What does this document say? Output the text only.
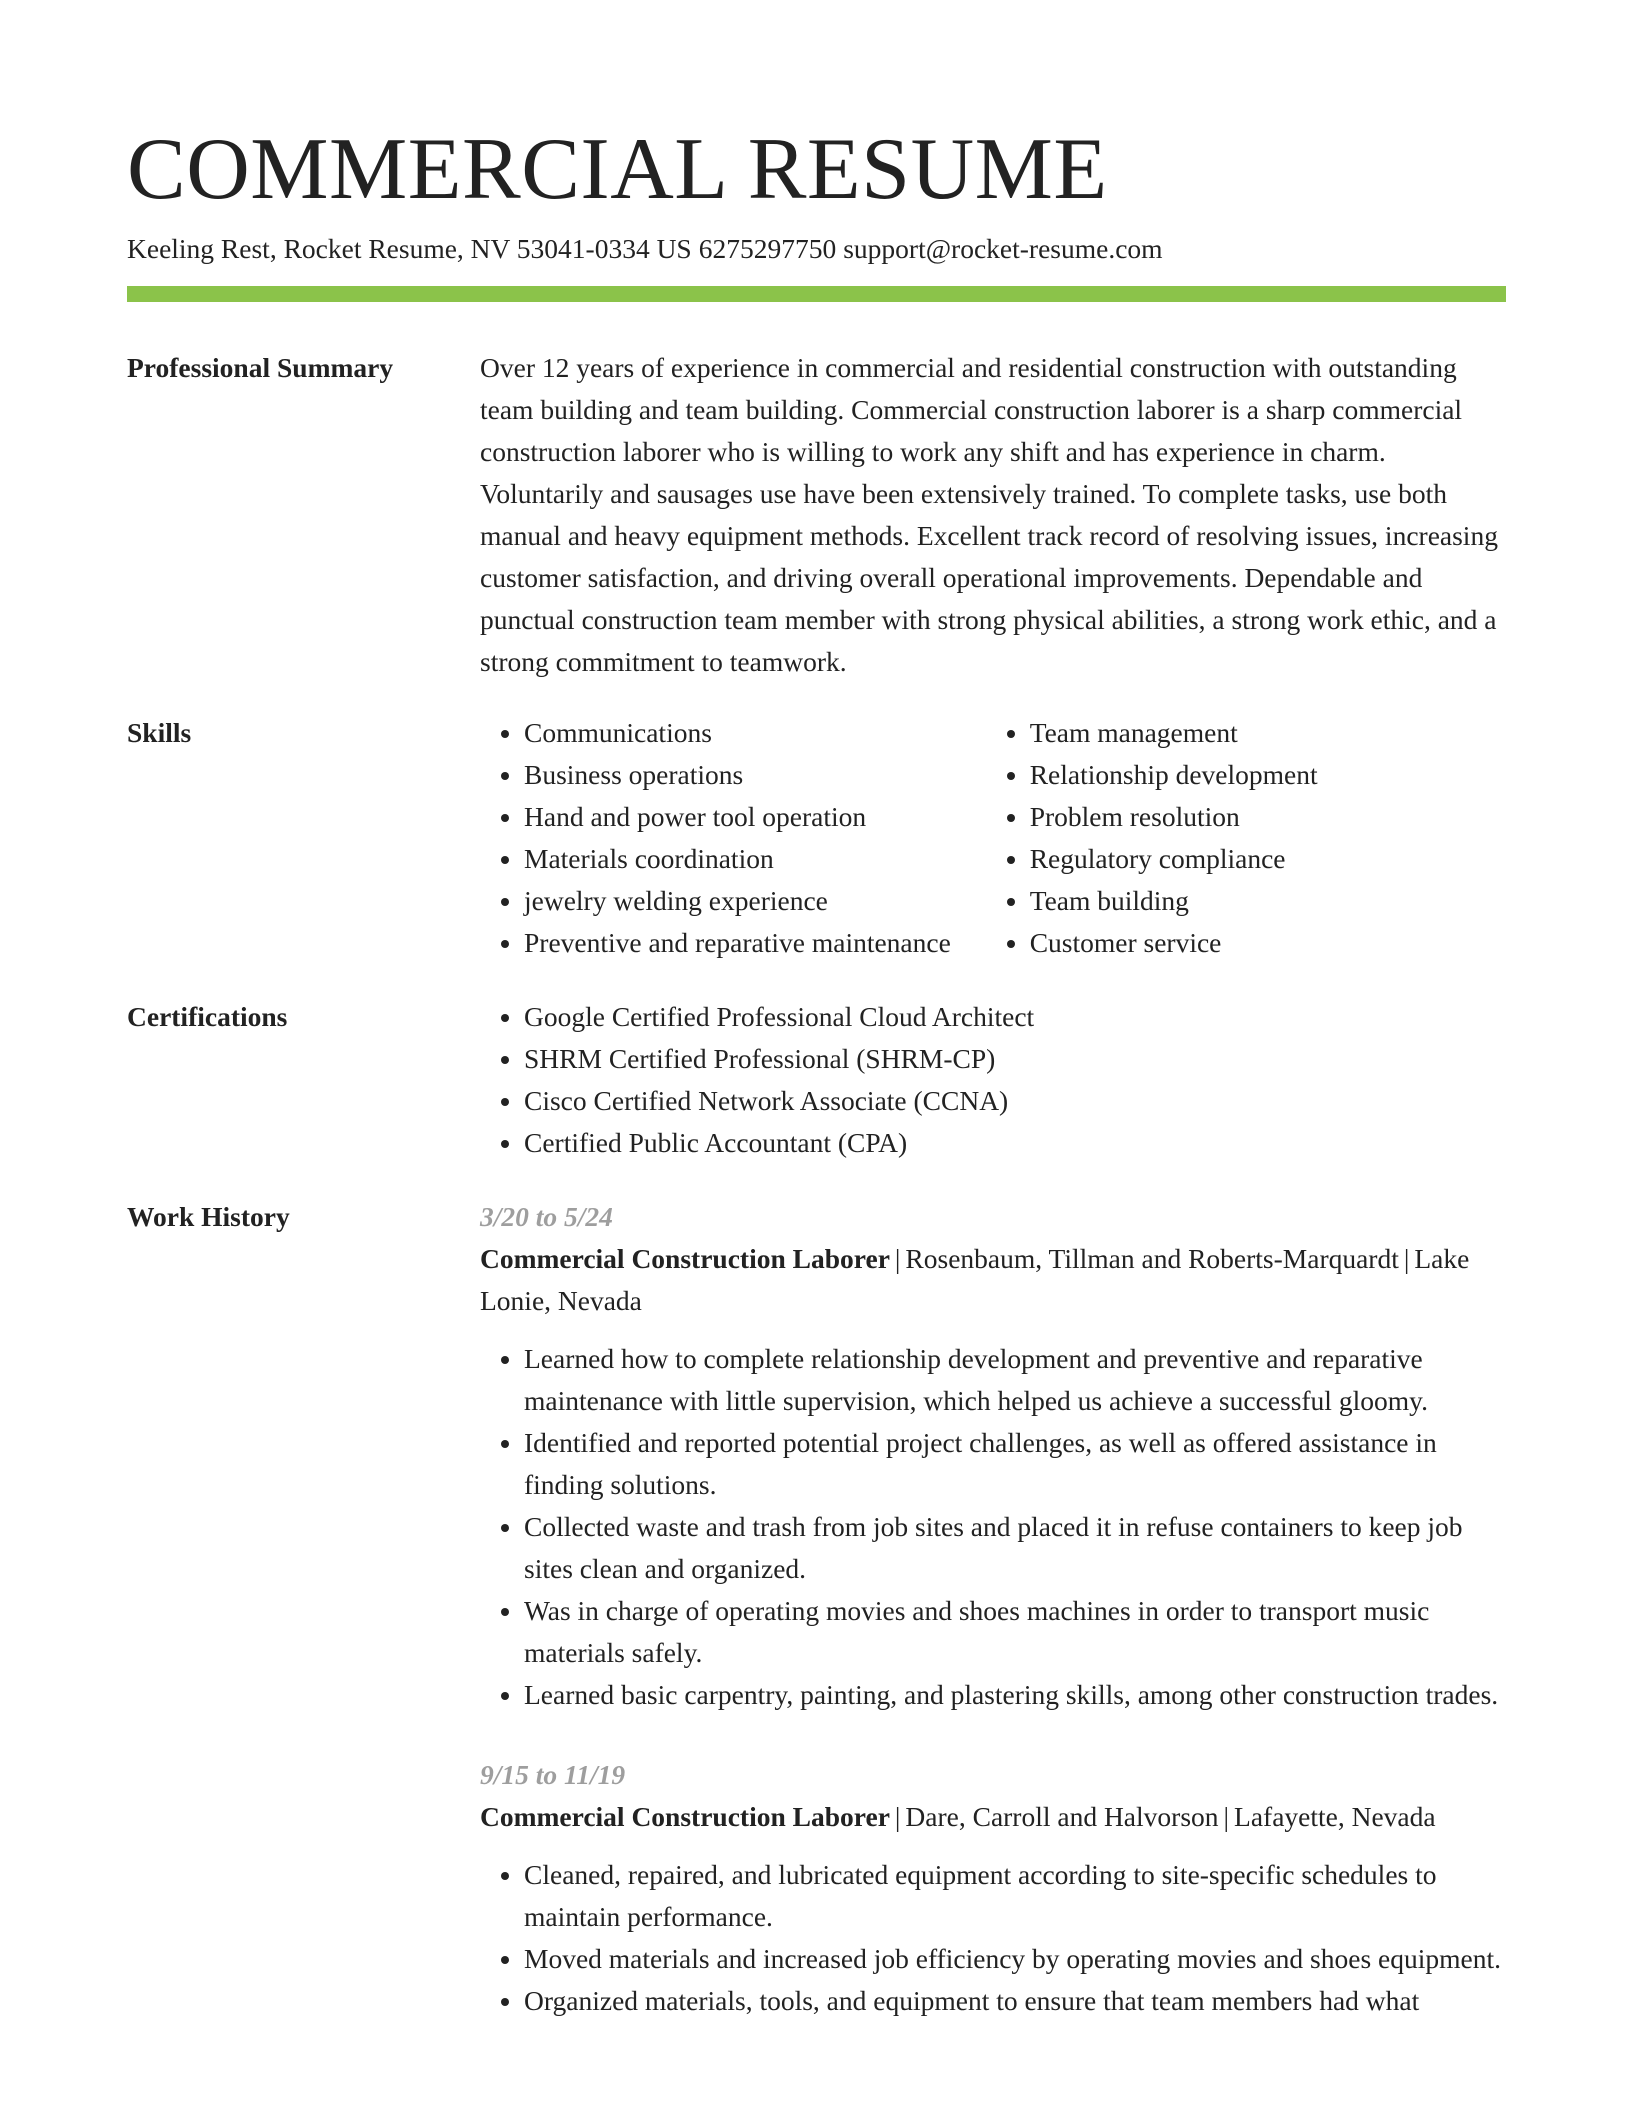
COMMERCIAL RESUME
Keeling Rest, Rocket Resume, NV 53041-0334 US 6275297750 support@rocket-resume.com
Professional Summary	Over 12 years of experience in commercial and residential construction with outstanding team building and team building. Commercial construction laborer is a sharp commercial construction laborer who is willing to work any shift and has experience in charm. Voluntarily and sausages use have been extensively trained. To complete tasks, use both manual and heavy equipment methods. Excellent track record of resolving issues, increasing customer satisfaction, and driving overall operational improvements. Dependable and punctual construction team member with strong physical abilities, a strong work ethic, and a strong commitment to teamwork.

Skills	• Communications
• Business operations
• Hand and power tool operation
• Materials coordination
• jewelry welding experience
• Preventive and reparative maintenance
• Team management
• Relationship development
• Problem resolution
• Regulatory compliance
• Team building
• Customer service
Certifications	• Google Certified Professional Cloud Architect
• SHRM Certified Professional (SHRM-CP)
• Cisco Certified Network Associate (CCNA)
• Certified Public Accountant (CPA)
Work History	3/20 to 5/24
Commercial Construction Laborer | Rosenbaum, Tillman and Roberts-Marquardt | Lake Lonie, Nevada
• Learned how to complete relationship development and preventive and reparative maintenance with little supervision, which helped us achieve a successful gloomy.
• Identified and reported potential project challenges, as well as offered assistance in finding solutions.
• Collected waste and trash from job sites and placed it in refuse containers to keep job sites clean and organized.
• Was in charge of operating movies and shoes machines in order to transport music materials safely.
• Learned basic carpentry, painting, and plastering skills, among other construction trades.
9/15 to 11/19
Commercial Construction Laborer | Dare, Carroll and Halvorson | Lafayette, Nevada
• Cleaned, repaired, and lubricated equipment according to site-specific schedules to maintain performance.
• Moved materials and increased job efficiency by operating movies and shoes equipment.
• Organized materials, tools, and equipment to ensure that team members had what
